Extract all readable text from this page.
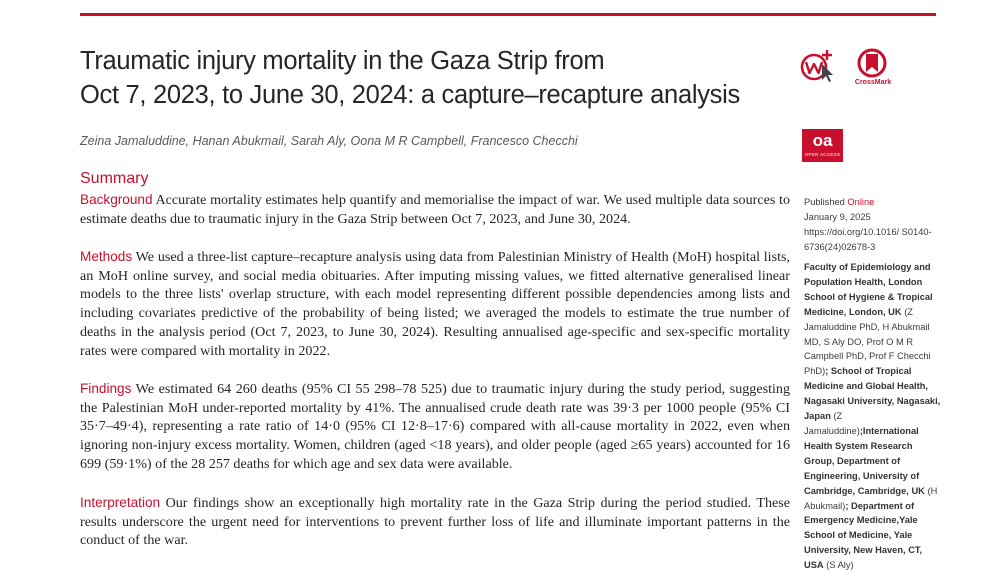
Traumatic injury mortality in the Gaza Strip from
Oct 7, 2023, to June 30, 2024: a capture–recapture analysis
Zeina Jamaluddine, Hanan Abukmail, Sarah Aly, Oona M R Campbell, Francesco Checchi
CrossMark
oa
OPEN ACCESS
Summary

Background Accurate mortality estimates help quantify and memorialise the impact of war. We used multiple data sources to estimate deaths due to traumatic injury in the Gaza Strip between Oct 7, 2023, and June 30, 2024.

Methods We used a three-list capture–recapture analysis using data from Palestinian Ministry of Health (MoH) hospital lists, an MoH online survey, and social media obituaries. After imputing missing values, we fitted alternative generalised linear models to the three lists' overlap structure, with each model representing different possible dependencies among lists and including covariates predictive of the probability of being listed; we averaged the models to estimate the true number of deaths in the analysis period (Oct 7, 2023, to June 30, 2024). Resulting annualised age-specific and sex-specific mortality rates were compared with mortality in 2022.

Findings We estimated 64 260 deaths (95% CI 55 298–78 525) due to traumatic injury during the study period, suggesting the Palestinian MoH under-reported mortality by 41%. The annualised crude death rate was 39·3 per 1000 people (95% CI 35·7–49·4), representing a rate ratio of 14·0 (95% CI 12·8–17·6) compared with all-cause mortality in 2022, even when ignoring non-injury excess mortality. Women, children (aged <18 years), and older people (aged ≥65 years) accounted for 16 699 (59·1%) of the 28 257 deaths for which age and sex data were available.

Interpretation Our findings show an exceptionally high mortality rate in the Gaza Strip during the period studied. These results underscore the urgent need for interventions to prevent further loss of life and illuminate important patterns in the conduct of the war.

Published Online
January 9, 2025
https://doi.org/10.1016/ S0140-6736(24)02678-3
Faculty of Epidemiology and Population Health, London School of Hygiene & Tropical Medicine, London, UK (Z Jamaluddine PhD, H Abukmail MD, S Aly DO, Prof O M R Campbell PhD, Prof F Checchi PhD); School of Tropical Medicine and Global Health, Nagasaki University, Nagasaki, Japan (Z Jamaluddine);International Health System Research Group, Department of Engineering, University of Cambridge, Cambridge, UK (H Abukmail); Department of Emergency Medicine,Yale School of Medicine, Yale University, New Haven, CT, USA (S Aly)
